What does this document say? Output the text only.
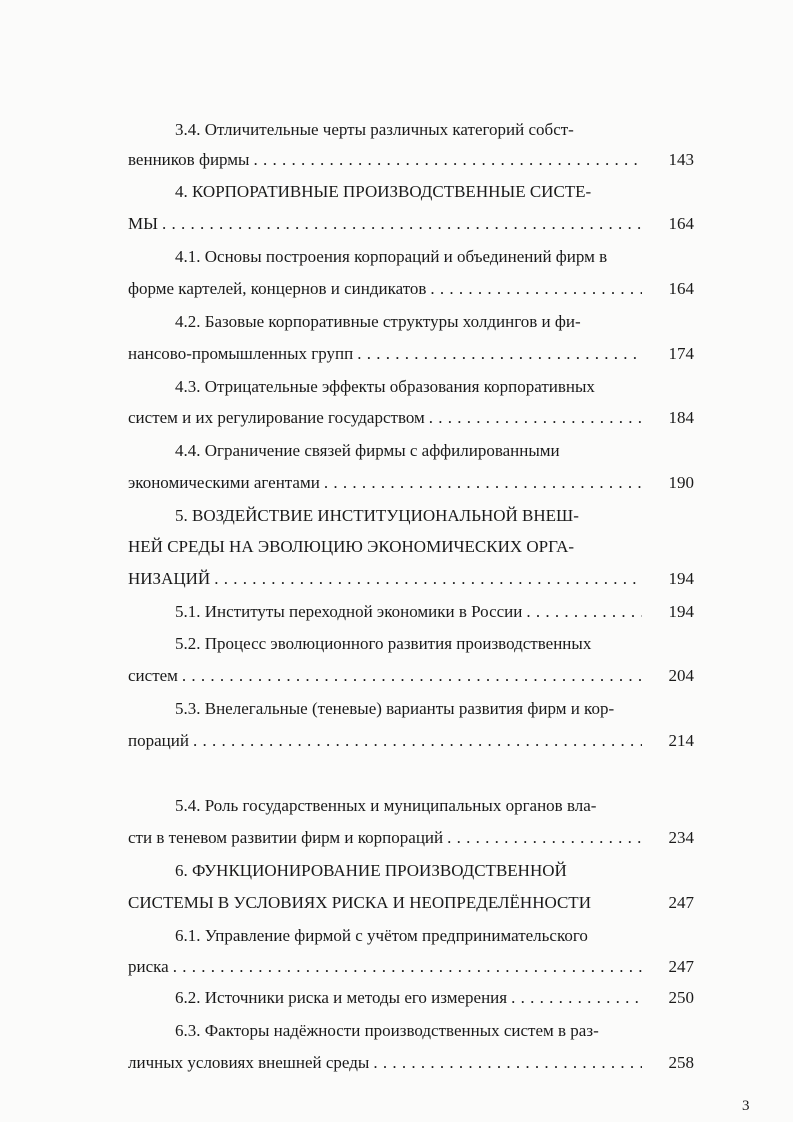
3.4. Отличительные черты различных категорий собст-
венников фирмы . . .	143
4. КОРПОРАТИВНЫЕ ПРОИЗВОДСТВЕННЫЕ СИСТЕ-
МЫ . . .	164
4.1. Основы построения корпораций и объединений фирм в
форме картелей, концернов и синдикатов . . .	164
4.2. Базовые корпоративные структуры холдингов и фи-
нансово-промышленных групп . . .	174
4.3. Отрицательные эффекты образования корпоративных
систем и их регулирование государством . . .	184
4.4. Ограничение связей фирмы с аффилированными
экономическими агентами . . .	190
5. ВОЗДЕЙСТВИЕ ИНСТИТУЦИОНАЛЬНОЙ ВНЕШ-
НЕЙ СРЕДЫ НА ЭВОЛЮЦИЮ ЭКОНОМИЧЕСКИХ ОРГА-
НИЗАЦИЙ . . .	194
5.1. Институты переходной экономики в России . . .	194
5.2. Процесс эволюционного развития производственных
систем . . .	204
5.3. Внелегальные (теневые) варианты развития фирм и кор-
пораций . . .	214
5.4. Роль государственных и муниципальных органов вла-
сти в теневом развитии фирм и корпораций . . .	234
6. ФУНКЦИОНИРОВАНИЕ ПРОИЗВОДСТВЕННОЙ
СИСТЕМЫ В УСЛОВИЯХ РИСКА И НЕОПРЕДЕЛЁННОСТИ	247
6.1. Управление фирмой с учётом предпринимательского
риска . . .	247
6.2. Источники риска и методы его измерения . . .	250
6.3. Факторы надёжности производственных систем в раз-
личных условиях внешней среды . . .	258
3
